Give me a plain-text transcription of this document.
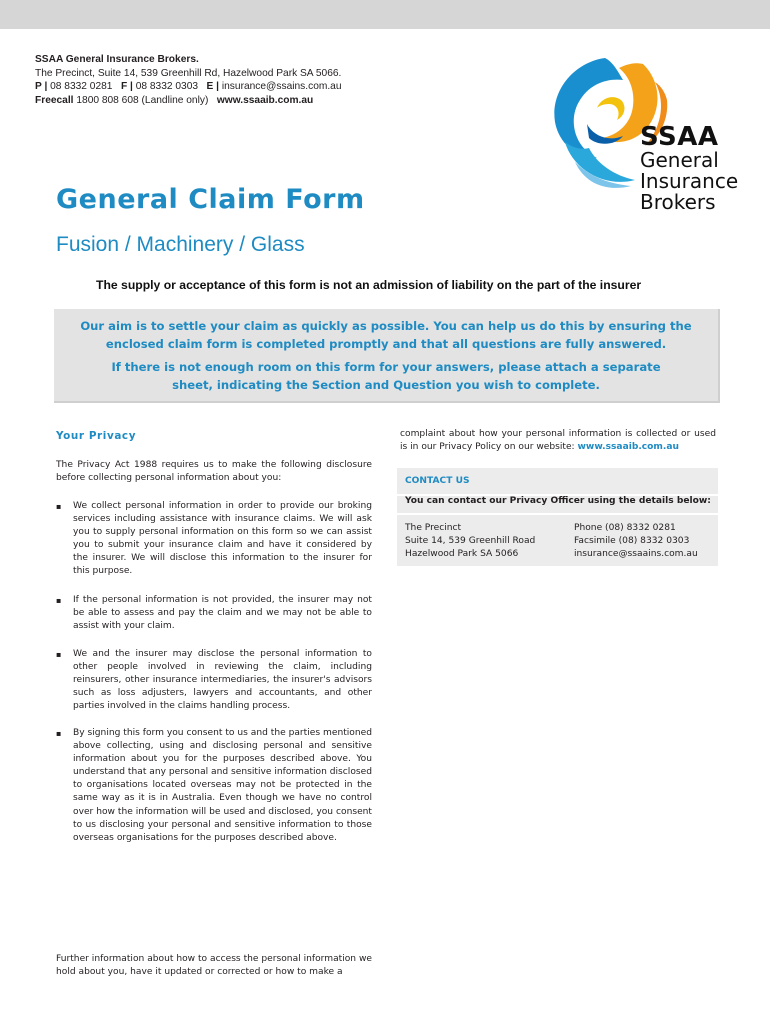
SSAA General Insurance Brokers.
The Precinct, Suite 14, 539 Greenhill Rd, Hazelwood Park SA 5066.
P | 08 8332 0281 F | 08 8332 0303 E | insurance@ssains.com.au
Freecall 1800 808 608 (Landline only) www.ssaaib.com.au
SSAA
General
Insurance
Brokers
General Claim Form
Fusion / Machinery / Glass
The supply or acceptance of this form is not an admission of liability on the part of the insurer

Our aim is to settle your claim as quickly as possible. You can help us do this by ensuring the

enclosed claim form is completed promptly and that all questions are fully answered.

If there is not enough room on this form for your answers, please attach a separate

sheet, indicating the Section and Question you wish to complete.

Your Privacy
The Privacy Act 1988 requires us to make the following disclosure before collecting personal information about you:
▪ We collect personal information in order to provide our broking services including assistance with insurance claims. We will ask you to supply personal information on this form so we can assist you to submit your insurance claim and have it considered by the insurer. We will disclose this information to the insurer for this purpose.
▪ If the personal information is not provided, the insurer may not be able to assess and pay the claim and we may not be able to assist with your claim.
▪ We and the insurer may disclose the personal information to other people involved in reviewing the claim, including reinsurers, other insurance intermediaries, the insurer's advisors such as loss adjusters, lawyers and accountants, and other parties involved in the claims handling process.
▪ By signing this form you consent to us and the parties mentioned above collecting, using and disclosing personal and sensitive information about you for the purposes described above. You understand that any personal and sensitive information disclosed to organisations located overseas may not be protected in the same way as it is in Australia. Even though we have no control over how the information will be used and disclosed, you consent to us disclosing your personal and sensitive information to those overseas organisations for the purposes described above.
Further information about how to access the personal information we hold about you, have it updated or corrected or how to make a
complaint about how your personal information is collected or used is in our Privacy Policy on our website: www.ssaaib.com.au
CONTACT US
You can contact our Privacy Officer using the details below:
The Precinct
Suite 14, 539 Greenhill Road
Hazelwood Park SA 5066
Phone (08) 8332 0281
Facsimile (08) 8332 0303
insurance@ssaains.com.au
